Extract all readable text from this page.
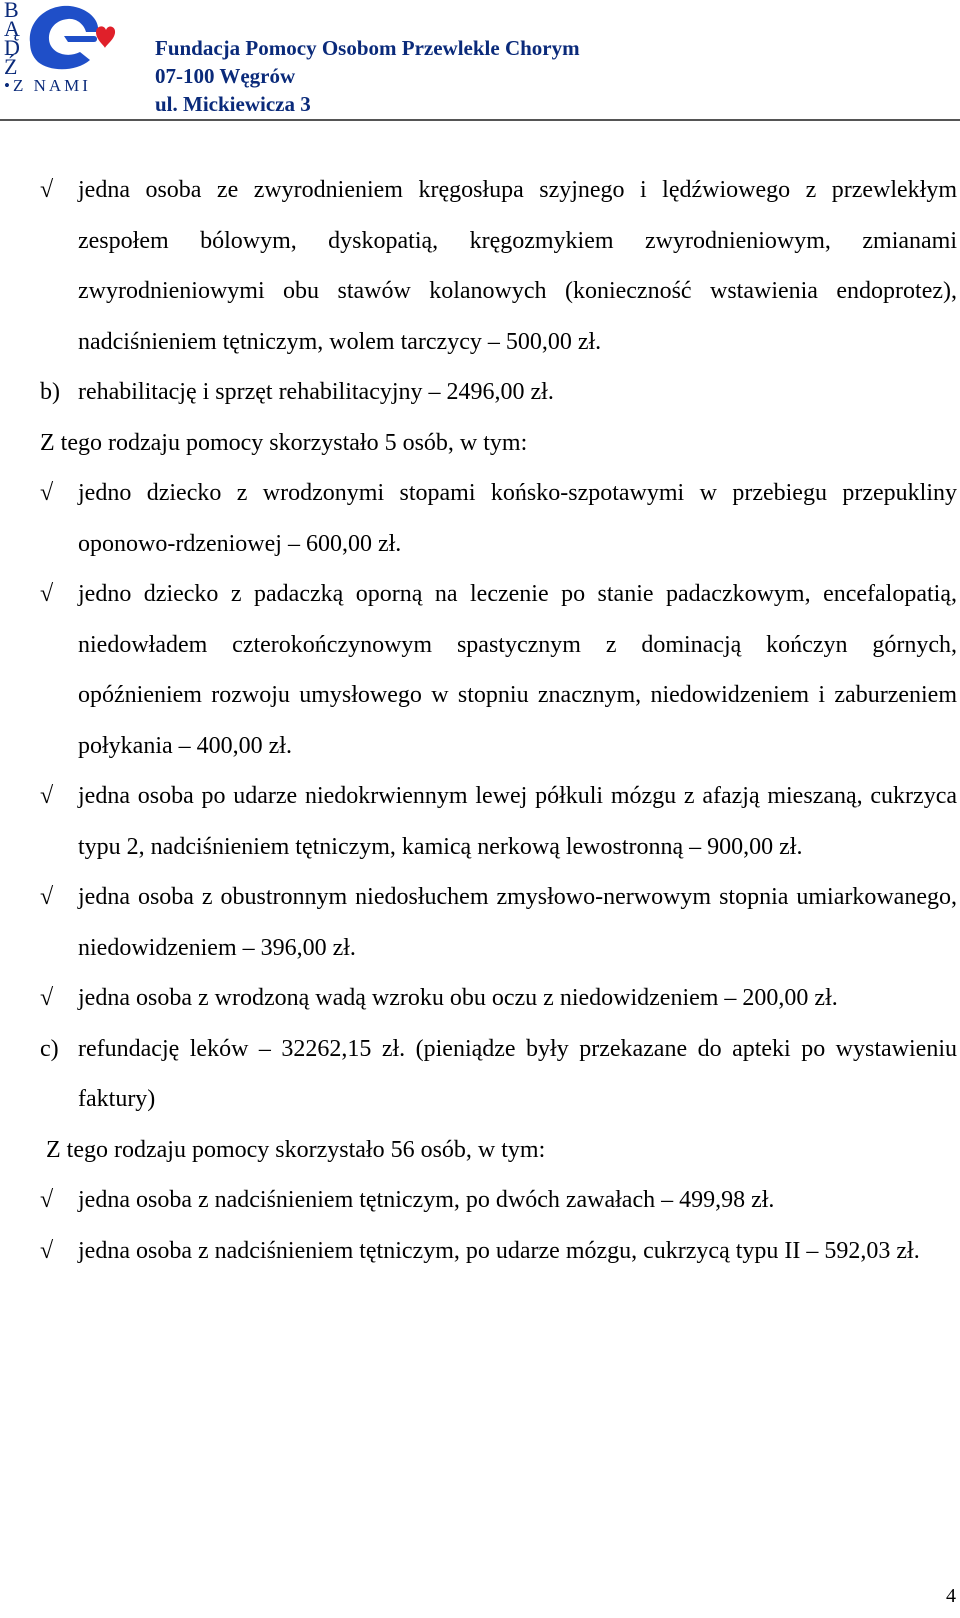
B
Ą
D
Ź
•Z NAMI
Fundacja Pomocy Osobom Przewlekle Chorym
07-100 Węgrów
ul. Mickiewicza 3
√	jedna osoba ze zwyrodnieniem kręgosłupa szyjnego i lędźwiowego z przewlekłym zespołem bólowym, dyskopatią, kręgozmykiem zwyrodnieniowym, zmianami zwyrodnieniowymi obu stawów kolanowych (konieczność wstawienia endoprotez), nadciśnieniem tętniczym, wolem tarczycy – 500,00 zł.
b) rehabilitację i sprzęt rehabilitacyjny – 2496,00 zł.
Z tego rodzaju pomocy skorzystało 5 osób, w tym:
√	jedno dziecko z wrodzonymi stopami końsko-szpotawymi w przebiegu przepukliny oponowo-rdzeniowej – 600,00 zł.
√	jedno dziecko z padaczką oporną na leczenie po stanie padaczkowym, encefalopatią, niedowładem czterokończynowym spastycznym z dominacją kończyn górnych, opóźnieniem rozwoju umysłowego w stopniu znacznym, niedowidzeniem i zaburzeniem połykania – 400,00 zł.
√	jedna osoba po udarze niedokrwiennym lewej półkuli mózgu z afazją mieszaną, cukrzyca typu 2, nadciśnieniem tętniczym, kamicą nerkową lewostronną – 900,00 zł.
√	jedna osoba z obustronnym niedosłuchem zmysłowo-nerwowym stopnia umiarkowanego, niedowidzeniem – 396,00 zł.
√	jedna osoba z wrodzoną wadą wzroku obu oczu z niedowidzeniem – 200,00 zł.
c) refundację leków – 32262,15 zł. (pieniądze były przekazane do apteki po wystawieniu faktury)
Z tego rodzaju pomocy skorzystało 56 osób, w tym:
√	jedna osoba z nadciśnieniem tętniczym, po dwóch zawałach – 499,98 zł.
√	jedna osoba z nadciśnieniem tętniczym, po udarze mózgu, cukrzycą typu II – 592,03 zł.
4
